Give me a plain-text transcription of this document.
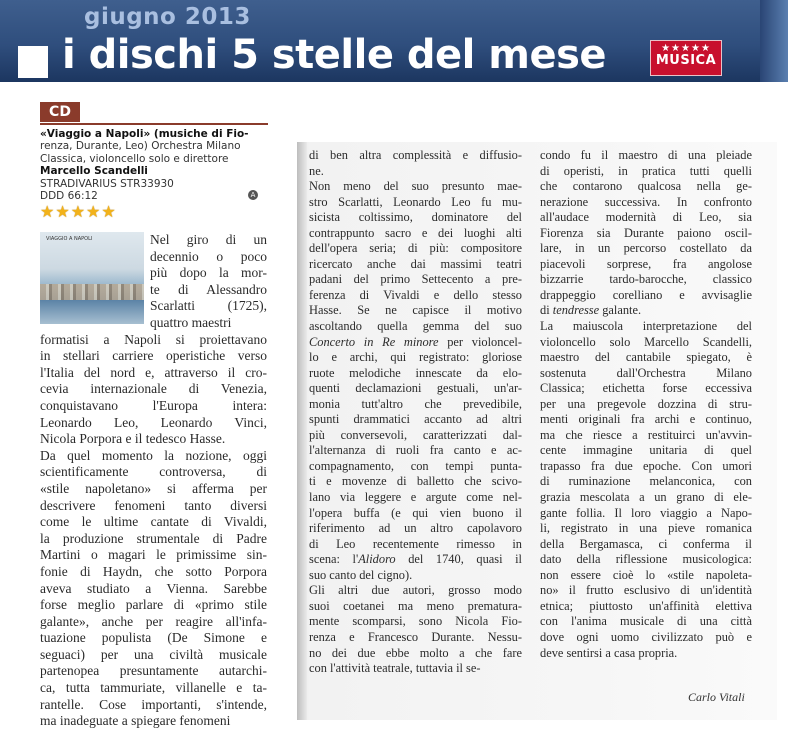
giugno 2013
i dischi 5 stelle del mese	★★★★★
MUSICA
CD
«Viaggio a Napoli» (musiche di Fio-
renza, Durante, Leo) Orchestra Milano
Classica, violoncello solo e direttore
Marcello Scandelli
STRADIVARIUS STR33930
DDD 66:12	A
★★★★★
VIAGGIO A NAPOLI	Nel giro di un
decennio o poco
più dopo la mor-
te di Alessandro
Scarlatti (1725),
quattro maestri
formatisi a Napoli si proiettavano
in stellari carriere operistiche verso
l'Italia del nord e, attraverso il cro-
cevia internazionale di Venezia,
conquistavano l'Europa intera:
Leonardo Leo, Leonardo Vinci,
Nicola Porpora e il tedesco Hasse.
Da quel momento la nozione, oggi
scientificamente controversa, di
«stile napoletano» si afferma per
descrivere fenomeni tanto diversi
come le ultime cantate di Vivaldi,
la produzione strumentale di Padre
Martini o magari le primissime sin-
fonie di Haydn, che sotto Porpora
aveva studiato a Vienna. Sarebbe
forse meglio parlare di «primo stile
galante», anche per reagire all'infa-
tuazione populista (De Simone e
seguaci) per una civiltà musicale
partenopea presuntamente autarchi-
ca, tutta tammuriate, villanelle e ta-
rantelle. Cose importanti, s'intende,
ma inadeguate a spiegare fenomeni
di ben altra complessità e diffusio-
ne.
Non meno del suo presunto mae-
stro Scarlatti, Leonardo Leo fu mu-
sicista coltissimo, dominatore del
contrappunto sacro e dei luoghi alti
dell'opera seria; di più: compositore
ricercato anche dai massimi teatri
padani del primo Settecento a pre-
ferenza di Vivaldi e dello stesso
Hasse. Se ne capisce il motivo
ascoltando quella gemma del suo
Concerto in Re minore per violoncel-
lo e archi, qui registrato: gloriose
ruote melodiche innescate da elo-
quenti declamazioni gestuali, un'ar-
monia tutt'altro che prevedibile,
spunti drammatici accanto ad altri
più conversevoli, caratterizzati dal-
l'alternanza di ruoli fra canto e ac-
compagnamento, con tempi punta-
ti e movenze di balletto che scivo-
lano via leggere e argute come nel-
l'opera buffa (e qui vien buono il
riferimento ad un altro capolavoro
di Leo recentemente rimesso in
scena: l'Alidoro del 1740, quasi il
suo canto del cigno).
Gli altri due autori, grosso modo
suoi coetanei ma meno prematura-
mente scomparsi, sono Nicola Fio-
renza e Francesco Durante. Nessu-
no dei due ebbe molto a che fare
con l'attività teatrale, tuttavia il se-
condo fu il maestro di una pleiade
di operisti, in pratica tutti quelli
che contarono qualcosa nella ge-
nerazione successiva. In confronto
all'audace modernità di Leo, sia
Fiorenza sia Durante paiono oscil-
lare, in un percorso costellato da
piacevoli sorprese, fra angolose
bizzarrie tardo-barocche, classico
drappeggio corelliano e avvisaglie
di tendresse galante.
La maiuscola interpretazione del
violoncello solo Marcello Scandelli,
maestro del cantabile spiegato, è
sostenuta dall'Orchestra Milano
Classica; etichetta forse eccessiva
per una pregevole dozzina di stru-
menti originali fra archi e continuo,
ma che riesce a restituirci un'avvin-
cente immagine unitaria di quel
trapasso fra due epoche. Con umori
di ruminazione melanconica, con
grazia mescolata a un grano di ele-
gante follia. Il loro viaggio a Napo-
li, registrato in una pieve romanica
della Bergamasca, ci conferma il
dato della riflessione musicologica:
non essere cioè lo «stile napoleta-
no» il frutto esclusivo di un'identità
etnica; piuttosto un'affinità elettiva
con l'anima musicale di una città
dove ogni uomo civilizzato può e
deve sentirsi a casa propria.
Carlo Vitali
